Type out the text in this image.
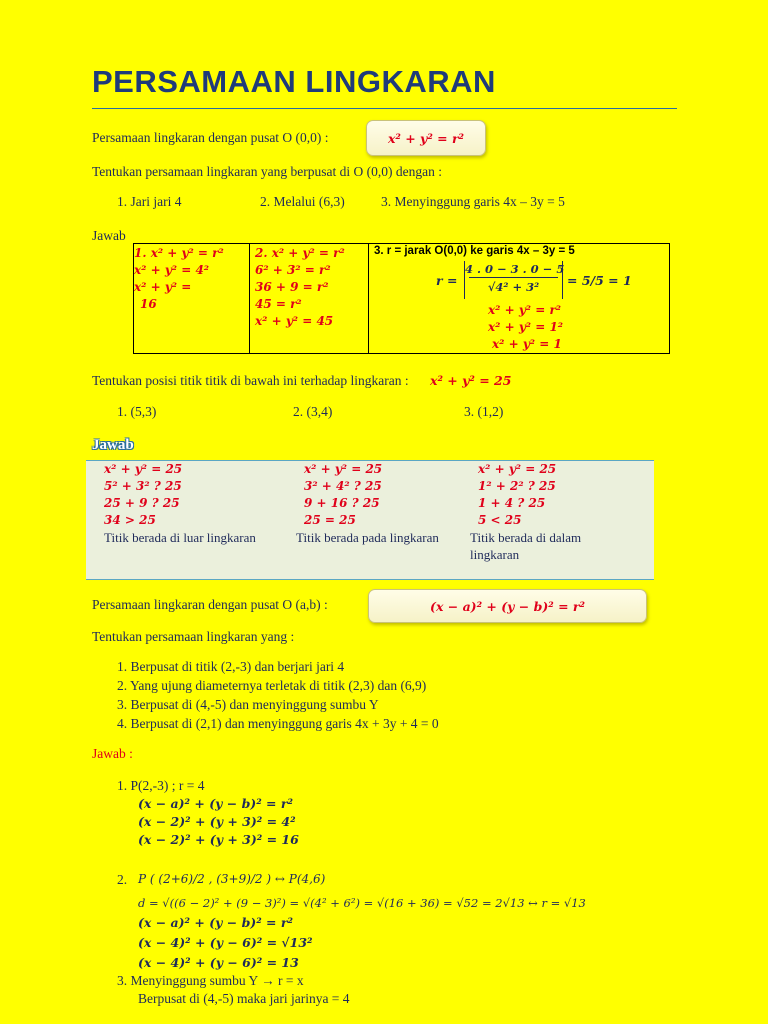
PERSAMAAN LINGKARAN
Persamaan lingkaran dengan pusat O (0,0) :	x² + y² = r²
Tentukan persamaan lingkaran yang berpusat di O (0,0) dengan :
1. Jari jari 4	2. Melalui (6,3)	3. Menyinggung garis 4x – 3y = 5
Jawab
1. x² + y² = r²
x² + y² = 4²
x² + y² =
16
2. x² + y² = r²
6² + 3² = r²
36 + 9 = r²
45 = r²
x² + y² = 45
3. r = jarak O(0,0) ke garis 4x – 3y = 5
r =
4 . 0 − 3 . 0 − 5
√4² + 3²	= 5/5 = 1
x² + y² = r²
x² + y² = 1²
x² + y² = 1
Tentukan posisi titik titik di bawah ini terhadap lingkaran : x² + y² = 25
1. (5,3)	2. (3,4)	3. (1,2)
Jawab
x² + y² = 25
5² + 3² ? 25
25 + 9 ? 25
34 > 25
Titik berada di luar lingkaran
x² + y² = 25
3² + 4² ? 25
9 + 16 ? 25
25 = 25
Titik berada pada lingkaran
x² + y² = 25
1² + 2² ? 25
1 + 4 ? 25
5 < 25
Titik berada di dalam lingkaran
Persamaan lingkaran dengan pusat O (a,b) :	(x − a)² + (y − b)² = r²
Tentukan persamaan lingkaran yang :
1. Berpusat di titik (2,-3) dan berjari jari 4
2. Yang ujung diameternya terletak di titik (2,3) dan (6,9)
3. Berpusat di (4,-5) dan menyinggung sumbu Y
4. Berpusat di (2,1) dan menyinggung garis 4x + 3y + 4 = 0
Jawab :
1. P(2,-3) ; r = 4
(x − a)² + (y − b)² = r²
(x − 2)² + (y + 3)² = 4²
(x − 2)² + (y + 3)² = 16
2. P ( (2+6)/2 , (3+9)/2 ) ↔ P(4,6)
d = √((6 − 2)² + (9 − 3)²) = √(4² + 6²) = √(16 + 36) = √52 = 2√13 ↔ r = √13
(x − a)² + (y − b)² = r²
(x − 4)² + (y − 6)² = √13²
(x − 4)² + (y − 6)² = 13
3. Menyinggung sumbu Y → r = x
Berpusat di (4,-5) maka jari jarinya = 4
